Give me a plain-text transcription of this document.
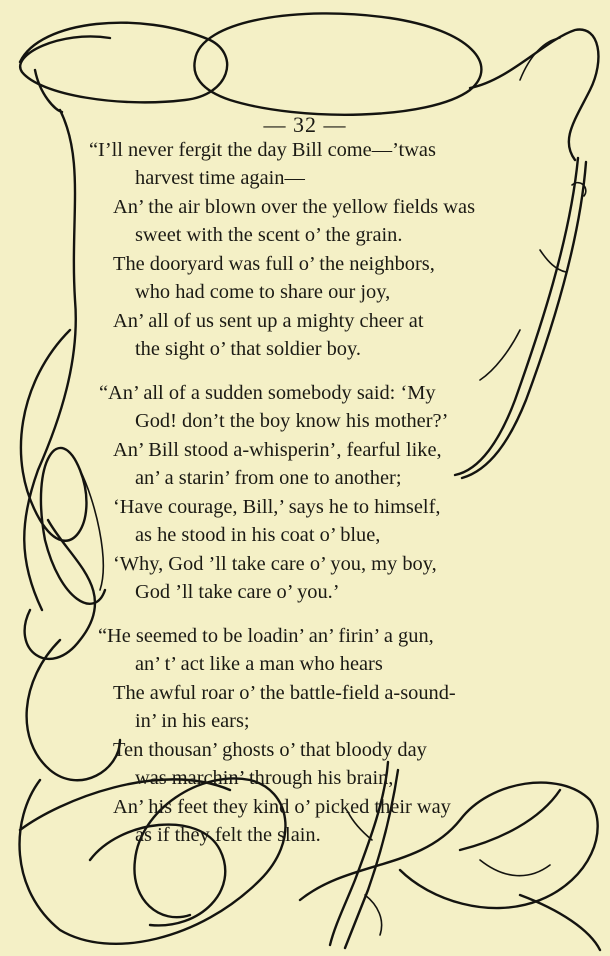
— 32 —
“I’ll never fergit the day Bill come—’twas
harvest time again—
An’ the air blown over the yellow fields was
sweet with the scent o’ the grain.
The dooryard was full o’ the neighbors,
who had come to share our joy,
An’ all of us sent up a mighty cheer at
the sight o’ that soldier boy.
“An’ all of a sudden somebody said: ‘My
God! don’t the boy know his mother?’
An’ Bill stood a-whisperin’, fearful like,
an’ a starin’ from one to another;
‘Have courage, Bill,’ says he to himself,
as he stood in his coat o’ blue,
‘Why, God ’ll take care o’ you, my boy,
God ’ll take care o’ you.’
“He seemed to be loadin’ an’ firin’ a gun,
an’ t’ act like a man who hears
The awful roar o’ the battle-field a-sound-
in’ in his ears;
Ten thousan’ ghosts o’ that bloody day
was marchin’ through his brain,
An’ his feet they kind o’ picked their way
as if they felt the slain.
